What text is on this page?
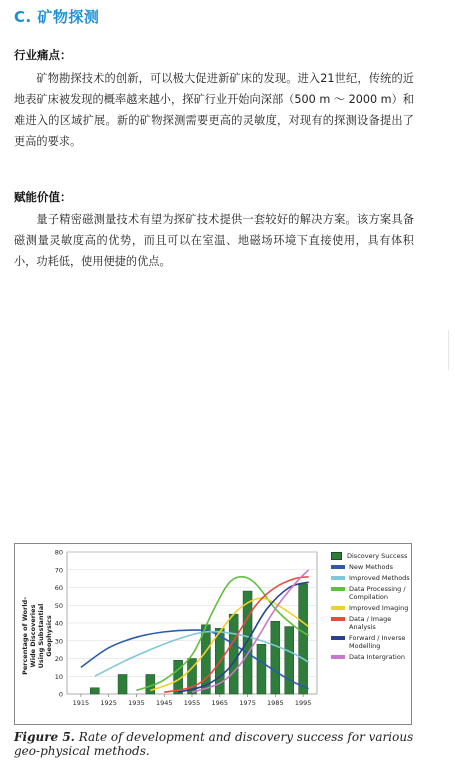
C. 矿物探测
行业痛点：

矿物勘探技术的创新，可以极大促进新矿床的发现。进入21世纪，传统的近地表矿床被发现的概率越来越小，探矿行业开始向深部（500 m ～ 2000 m）和难进入的区域扩展。新的矿物探测需要更高的灵敏度，对现有的探测设备提出了更高的要求。

赋能价值：

量子精密磁测量技术有望为探矿技术提供一套较好的解决方案。该方案具备磁测量灵敏度高的优势，而且可以在室温、地磁场环境下直接使用，具有体积小，功耗低，使用便捷的优点。

Percentage of World-Wide Discoveries Using Substantial Geophysics
0
10
20
30
40
50
60
70
80
1915 1925 1935 1945 1955 1965 1975 1985 1995
Discovery Success
New Methods
Improved Methods
Data Processing / Compilation
Improved Imaging
Data / Image Analysis
Forward / Inverse Modelling
Data Intergration

Figure 5. Rate of development and discovery success for various geo-physical methods.
